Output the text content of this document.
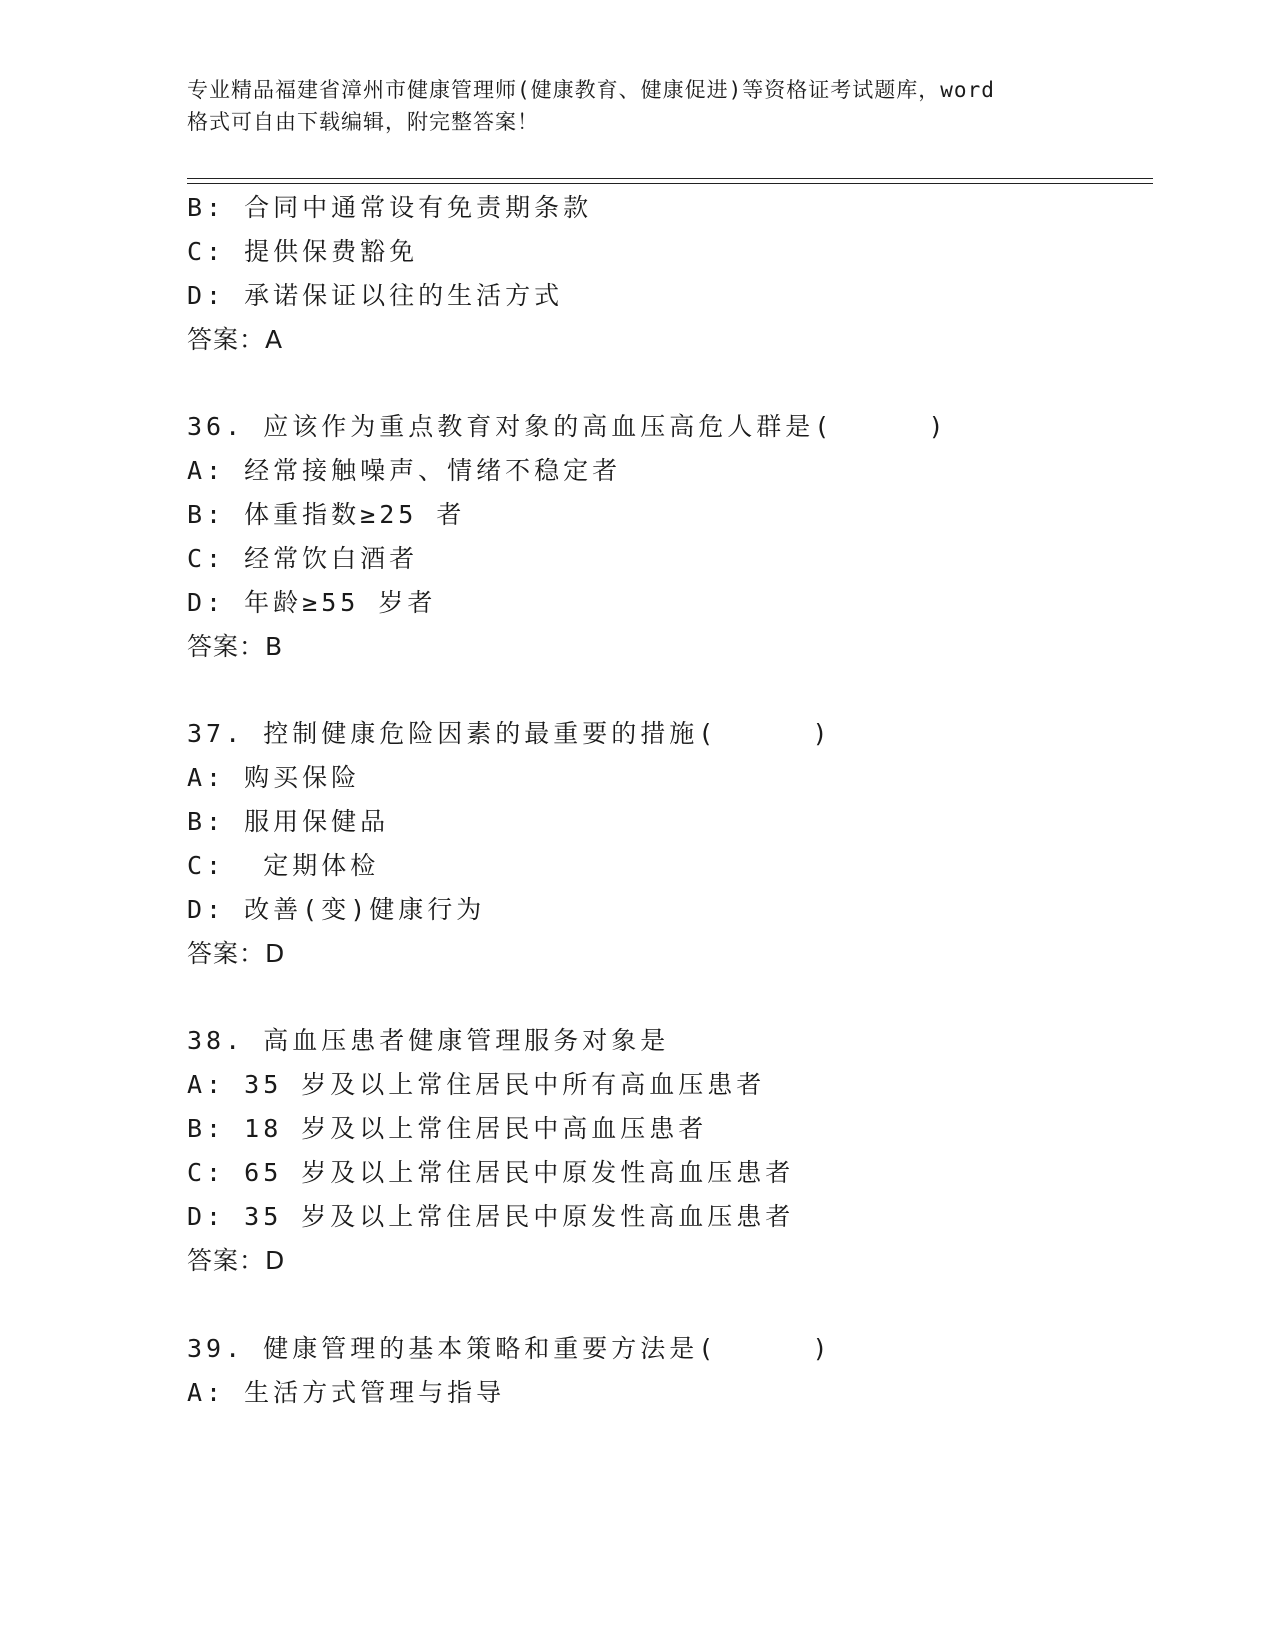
专业精品福建省漳州市健康管理师(健康教育、健康促进)等资格证考试题库，word
格式可自由下载编辑，附完整答案！
B: 合同中通常设有免责期条款
C: 提供保费豁免
D: 承诺保证以往的生活方式
答案：A
36. 应该作为重点教育对象的高血压高危人群是(     )
A: 经常接触噪声、情绪不稳定者
B: 体重指数≥25 者
C: 经常饮白酒者
D: 年龄≥55 岁者
答案：B
37. 控制健康危险因素的最重要的措施(     )
A: 购买保险
B: 服用保健品
C:  定期体检
D: 改善(变)健康行为
答案：D
38. 高血压患者健康管理服务对象是
A: 35 岁及以上常住居民中所有高血压患者
B: 18 岁及以上常住居民中高血压患者
C: 65 岁及以上常住居民中原发性高血压患者
D: 35 岁及以上常住居民中原发性高血压患者
答案：D
39. 健康管理的基本策略和重要方法是(     )
A: 生活方式管理与指导
